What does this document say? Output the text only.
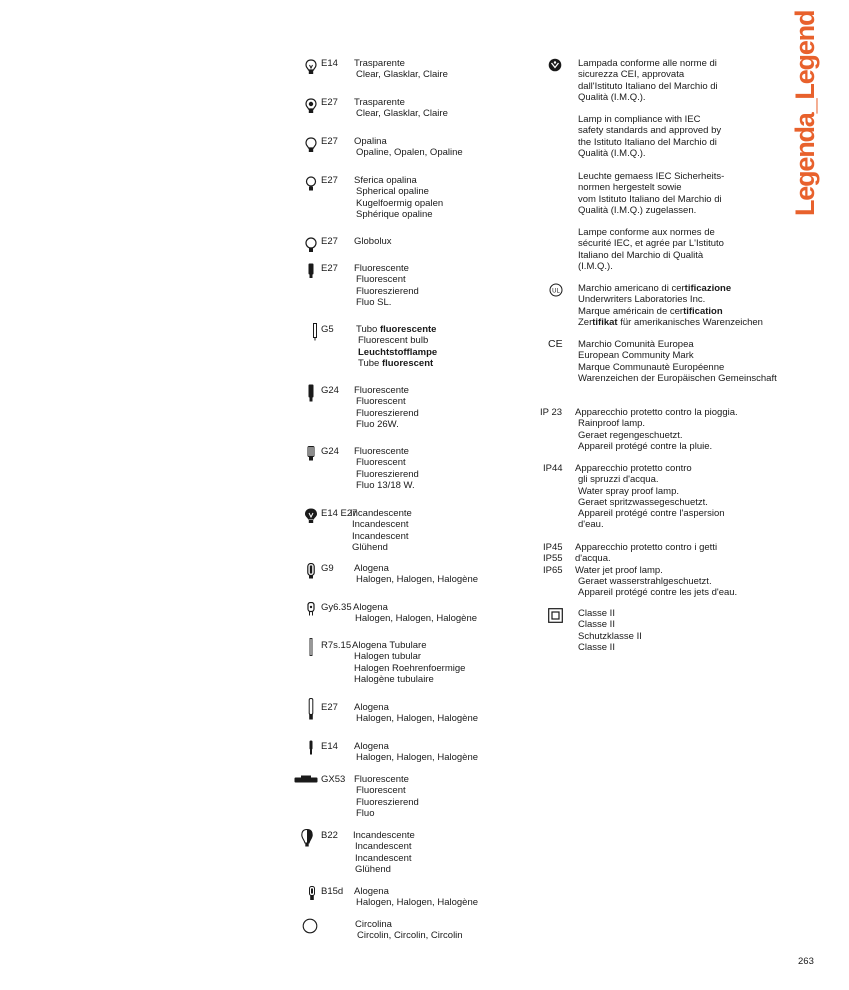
Legenda_Legend
E14 Trasparente
Clear, Glasklar, Claire
E27 Trasparente
Clear, Glasklar, Claire
E27 Opalina
Opaline, Opalen, Opaline
E27 Sferica opalina
Spherical opaline
Kugelfoermig opalen
Sphérique opaline
E27 Globolux
E27 Fluorescente
Fluorescent
Fluoreszierend
Fluo SL.
G5 Tubo fluorescente
Fluorescent bulb
Leuchtstofflampe
Tube fluorescent
G24 Fluorescente
Fluorescent
Fluoreszierend
Fluo 26W.
G24 Fluorescente
Fluorescent
Fluoreszierend
Fluo 13/18 W.
E14 E27
Incandescente
Incandescent
Incandescent
Glühend
G9 Alogena
Halogen, Halogen, Halogène
Gy6.35 Alogena
Halogen, Halogen, Halogène
R7s.15 Alogena Tubulare
Halogen tubular
Halogen Roehrenfoermige
Halogène tubulaire
E27 Alogena
Halogen, Halogen, Halogène
E14 Alogena
Halogen, Halogen, Halogène
GX53 Fluorescente
Fluorescent
Fluoreszierend
Fluo
B22 Incandescente
Incandescent
Incandescent
Glühend
B15d Alogena
Halogen, Halogen, Halogène
Circolina
Circolin, Circolin, Circolin
Lampada conforme alle norme di
sicurezza CEI, approvata
dall'Istituto Italiano del Marchio di
Qualità (I.M.Q.).
Lamp in compliance with IEC
safety standards and approved by
the Istituto Italiano del Marchio di
Qualità (I.M.Q.).
Leuchte gemaess IEC Sicherheits-
normen hergestelt sowie
vom Istituto Italiano del Marchio di
Qualità (I.M.Q.) zugelassen.
Lampe conforme aux normes de
sécurité IEC, et agrée par L'Istituto
Italiano del Marchio di Qualità
(I.M.Q.).
UL Marchio americano di certificazione
Underwriters Laboratories Inc.
Marque américain de certification
Zertifikat für amerikanisches Warenzeichen
CE Marchio Comunità Europea
European Community Mark
Marque Communautè Européenne
Warenzeichen der Europäischen Gemeinschaft
IP 23 Apparecchio protetto contro la pioggia.
Rainproof lamp.
Geraet regengeschuetzt.
Appareil protégé contre la pluie.
IP44 Apparecchio protetto contro
gli spruzzi d'acqua.
Water spray proof lamp.
Geraet spritzwassegeschuetzt.
Appareil protégé contre l'aspersion
d'eau.
IP45
IP55
IP65
Apparecchio protetto contro i getti
d'acqua.
Water jet proof lamp.
Geraet wasserstrahlgeschuetzt.
Appareil protégé contre les jets d'eau.
Classe II
Classe II
Schutzklasse II
Classe II
263
